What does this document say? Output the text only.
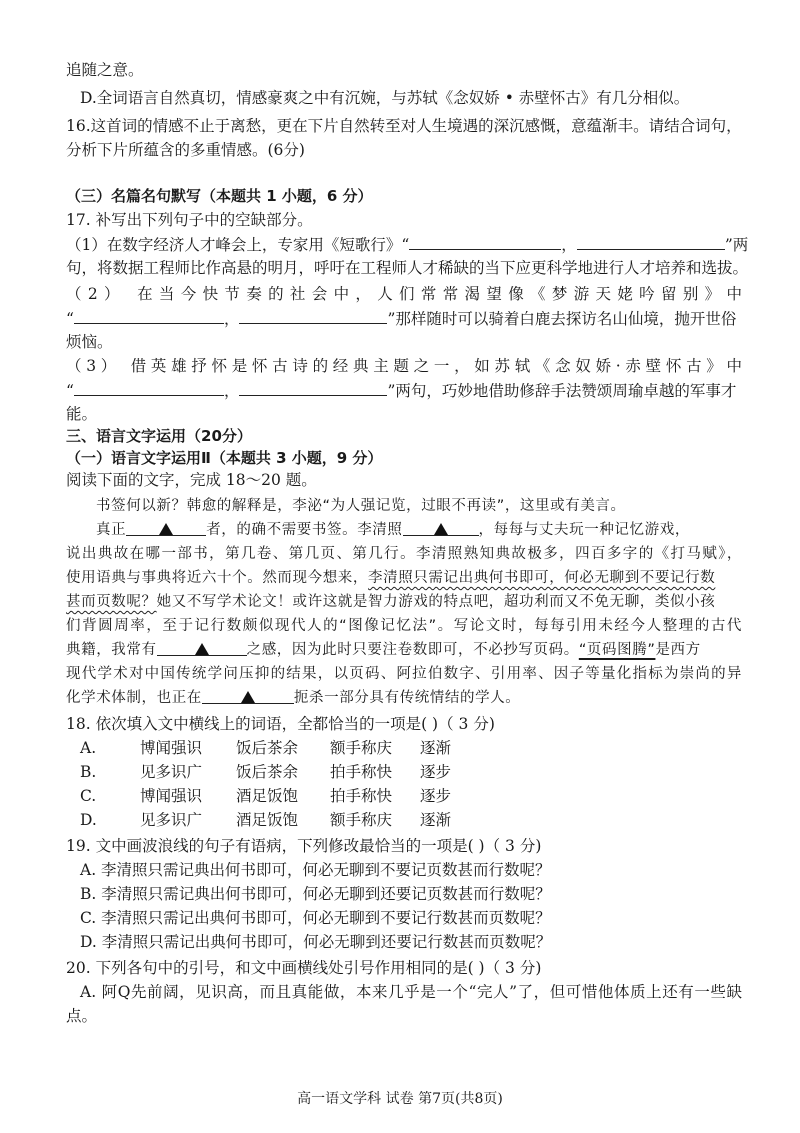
追随之意。
D.全词语言自然真切，情感豪爽之中有沉婉，与苏轼《念奴娇 • 赤壁怀古》有几分相似。
16.这首词的情感不止于离愁，更在下片自然转至对人生境遇的深沉感慨，意蕴渐丰。请结合词句，
分析下片所蕴含的多重情感。(6分)
（三）名篇名句默写（本题共 1 小题，6 分）
17. 补写出下列句子中的空缺部分。
（1）在数字经济人才峰会上，专家用《短歌行》“	，	”两
句，将数据工程师比作高悬的明月，呼吁在工程师人才稀缺的当下应更科学地进行人才培养和选拔。
（2） 在当今快节奏的社会中，人们常常渴望像《梦游天姥吟留别》中
“	，	”那样随时可以骑着白鹿去探访名山仙境，抛开世俗
烦恼。
（3） 借英雄抒怀是怀古诗的经典主题之一，如苏轼《念奴娇·赤壁怀古》中
“	，	”两句，巧妙地借助修辞手法赞颂周瑜卓越的军事才
能。
三、语言文字运用（20分）
（一）语言文字运用Ⅱ（本题共 3 小题，9 分）
阅读下面的文字，完成 18～20 题。
书签何以新？韩愈的解释是，李泌“为人强记览，过眼不再读”，这里或有美言。
真正	者，的确不需要书签。李清照	，每每与丈夫玩一种记忆游戏，
说出典故在哪一部书，第几卷、第几页、第几行。李清照熟知典故极多，四百多字的《打马赋》，
使用语典与事典将近六十个。然而现今想来，李清照只需记出典何书即可，何必无聊到不要记行数
甚而页数呢？她又不写学术论文！或许这就是智力游戏的特点吧，超功利而又不免无聊，类似小孩
们背圆周率，至于记行数颇似现代人的“图像记忆法”。写论文时，每每引用未经今人整理的古代
典籍，我常有	之感，因为此时只要注卷数即可，不必抄写页码。“页码图腾”是西方
现代学术对中国传统学问压抑的结果，以页码、阿拉伯数字、引用率、因子等量化指标为崇尚的异
化学术体制，也正在	扼杀一部分具有传统情结的学人。
18. 依次填入文中横线上的词语，全都恰当的一项是( )（ 3 分)
A.	博闻强识 饭后茶余 额手称庆 逐渐
B.	见多识广 饭后茶余 拍手称快 逐步
C.	博闻强识 酒足饭饱 拍手称快 逐步
D.	见多识广 酒足饭饱 额手称庆 逐渐
19. 文中画波浪线的句子有语病，下列修改最恰当的一项是( )（ 3 分)
A. 李清照只需记典出何书即可，何必无聊到不要记页数甚而行数呢？
B. 李清照只需记典出何书即可，何必无聊到还要记页数甚而行数呢？
C. 李清照只需记出典何书即可，何必无聊到不要记行数甚而页数呢？
D. 李清照只需记出典何书即可，何必无聊到还要记行数甚而页数呢？
20. 下列各句中的引号，和文中画横线处引号作用相同的是( )（ 3 分)
A. 阿Q先前阔，见识高，而且真能做，本来几乎是一个“完人”了，但可惜他体质上还有一些缺
点。
高一语文学科 试卷 第7页(共8页)
